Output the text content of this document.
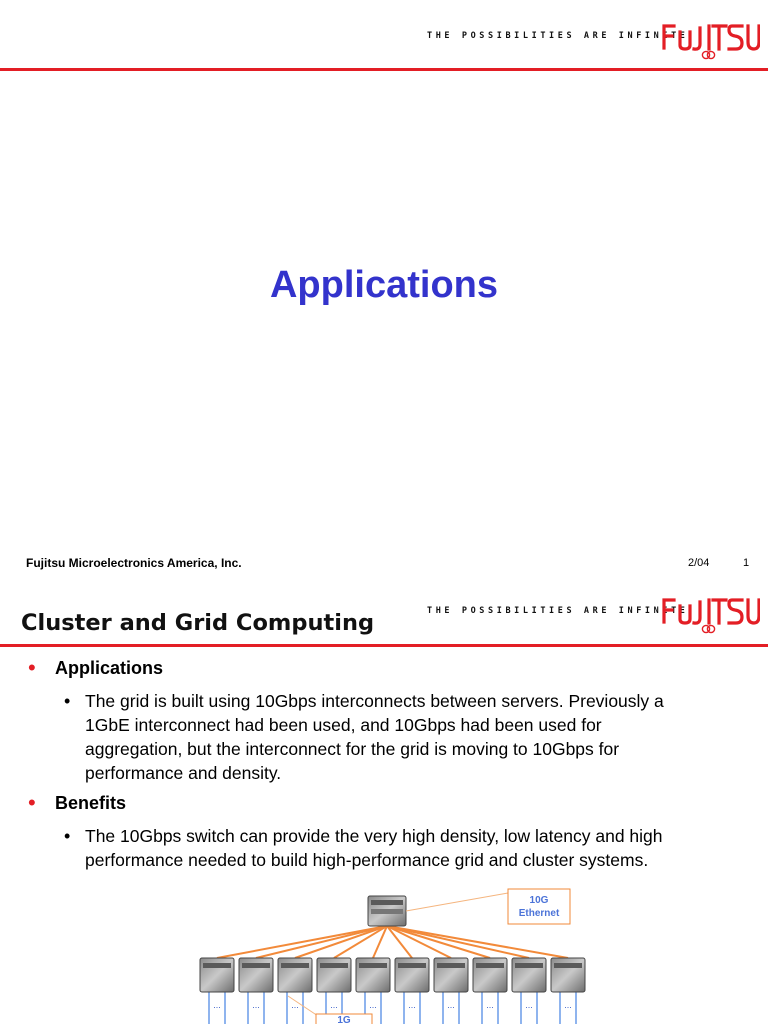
THE POSSIBILITIES ARE INFINITE
Applications
Fujitsu Microelectronics America, Inc.	2/04	1
THE POSSIBILITIES ARE INFINITE
Cluster and Grid Computing
• Applications
• The grid is built using 10Gbps interconnects between servers. Previously a
1GbE interconnect had been used, and 10Gbps had been used for
aggregation, but the interconnect for the grid is moving to 10Gbps for
performance and density.
• Benefits
• The 10Gbps switch can provide the very high density, low latency and high
performance needed to build high-performance grid and cluster systems.
...	...	...	...	...	...	...	...	...	...
10G
Ethernet
1G
